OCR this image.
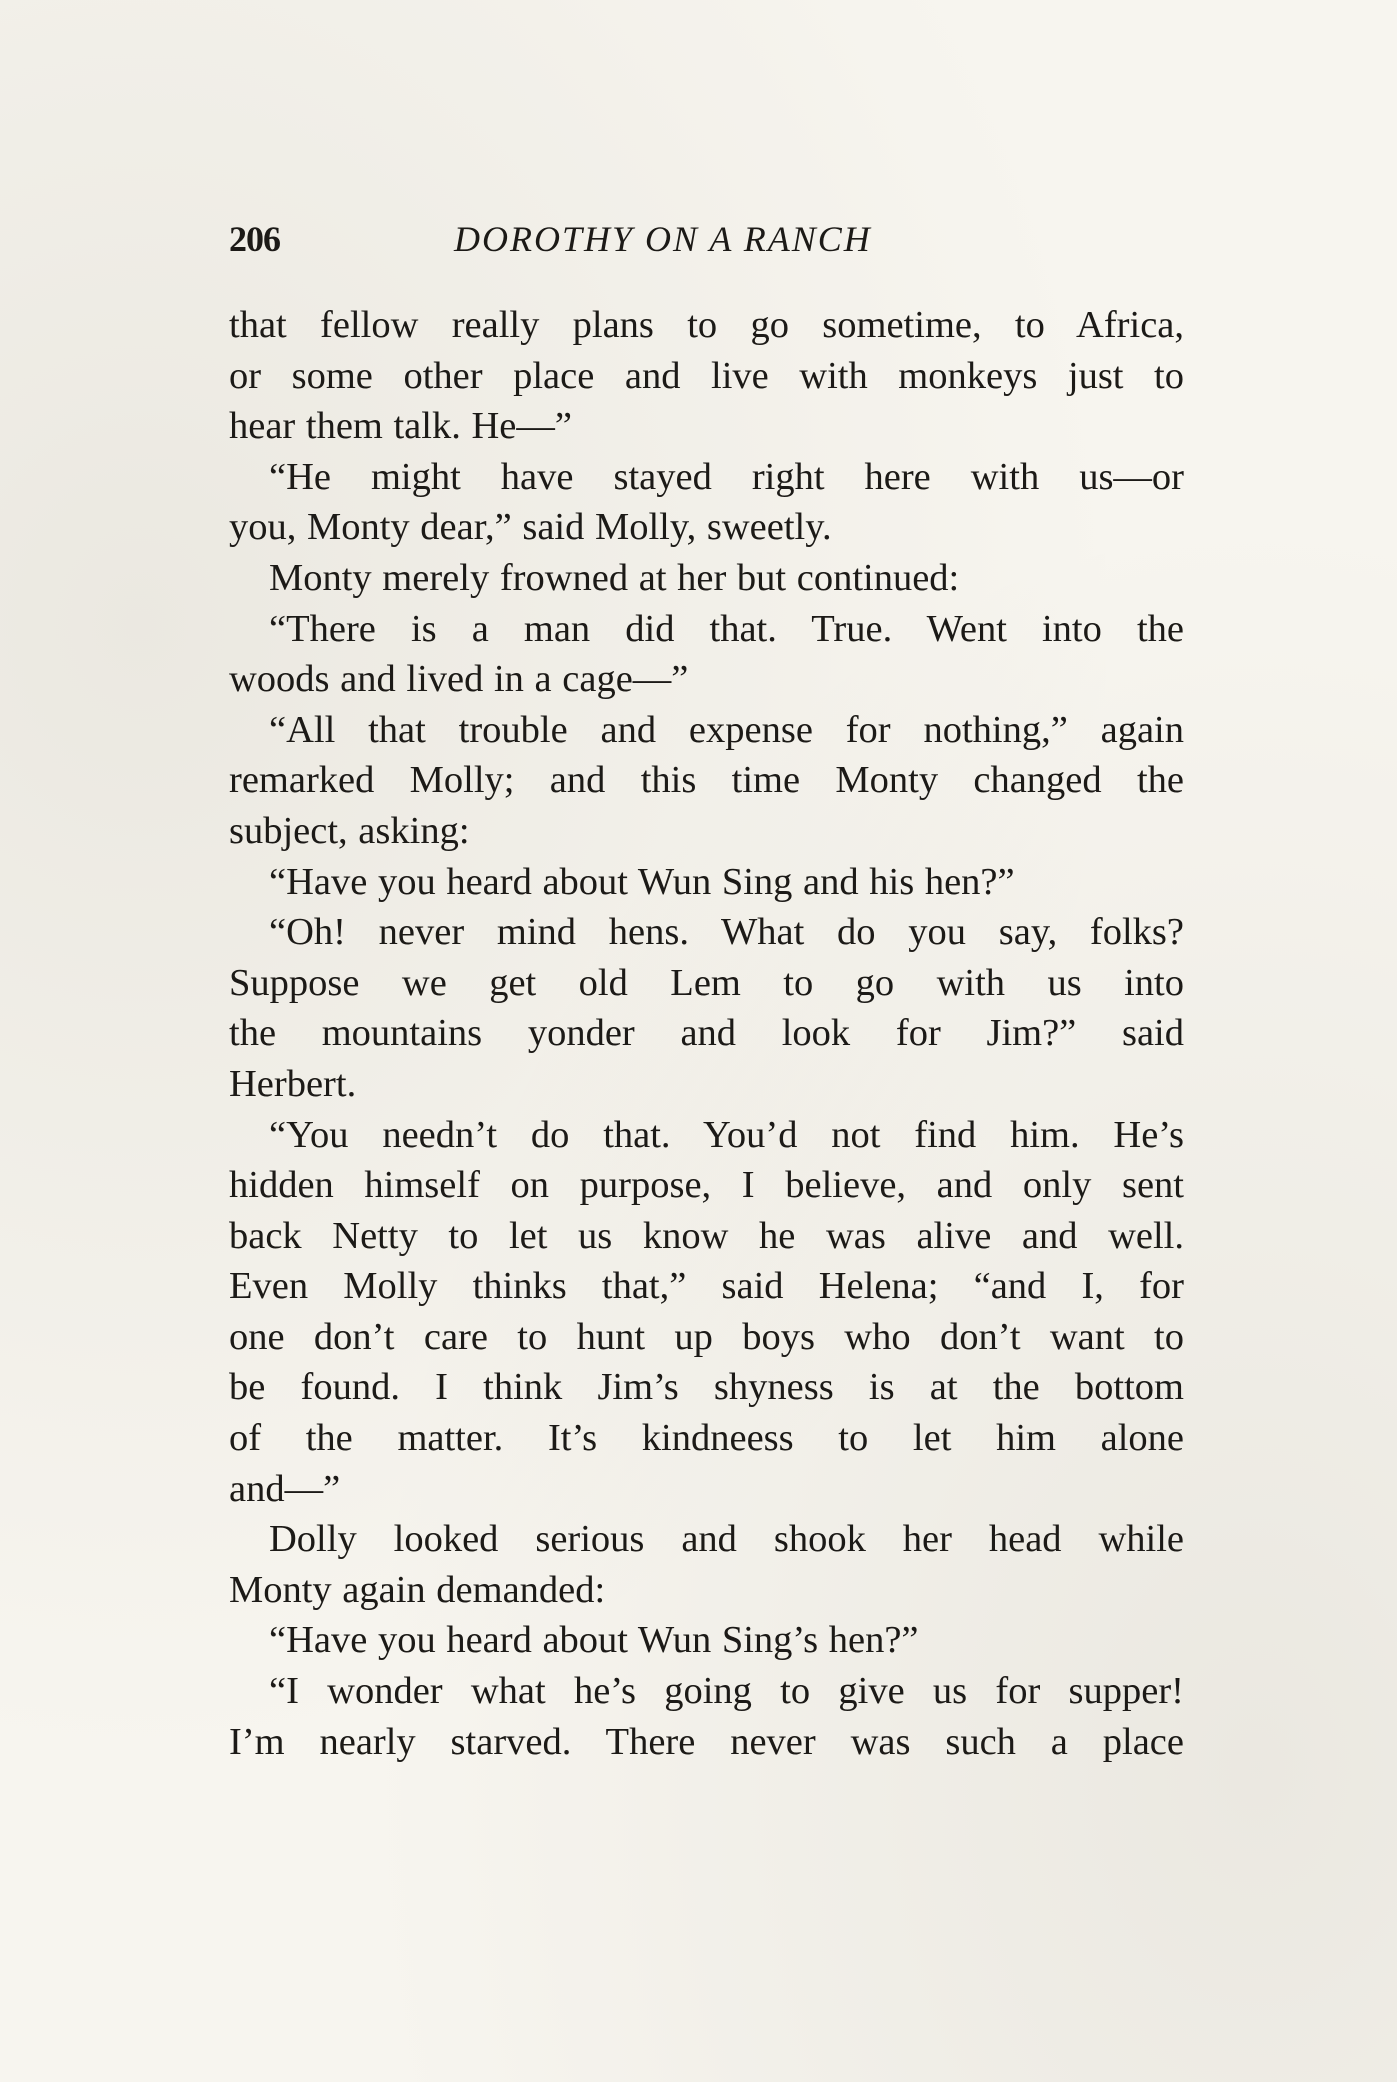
206	DOROTHY ON A RANCH
that fellow really plans to go sometime, to Africa,
or some other place and live with monkeys just to
hear them talk. He—”
“He might have stayed right here with us—or
you, Monty dear,” said Molly, sweetly.
Monty merely frowned at her but continued:
“There is a man did that. True. Went into the
woods and lived in a cage—”
“All that trouble and expense for nothing,” again
remarked Molly; and this time Monty changed the
subject, asking:
“Have you heard about Wun Sing and his hen?”
“Oh! never mind hens. What do you say, folks?
Suppose we get old Lem to go with us into
the mountains yonder and look for Jim?” said
Herbert.
“You needn’t do that. You’d not find him. He’s
hidden himself on purpose, I believe, and only sent
back Netty to let us know he was alive and well.
Even Molly thinks that,” said Helena; “and I, for
one don’t care to hunt up boys who don’t want to
be found. I think Jim’s shyness is at the bottom
of the matter. It’s kindneess to let him alone
and—”
Dolly looked serious and shook her head while
Monty again demanded:
“Have you heard about Wun Sing’s hen?”
“I wonder what he’s going to give us for supper!
I’m nearly starved. There never was such a place
